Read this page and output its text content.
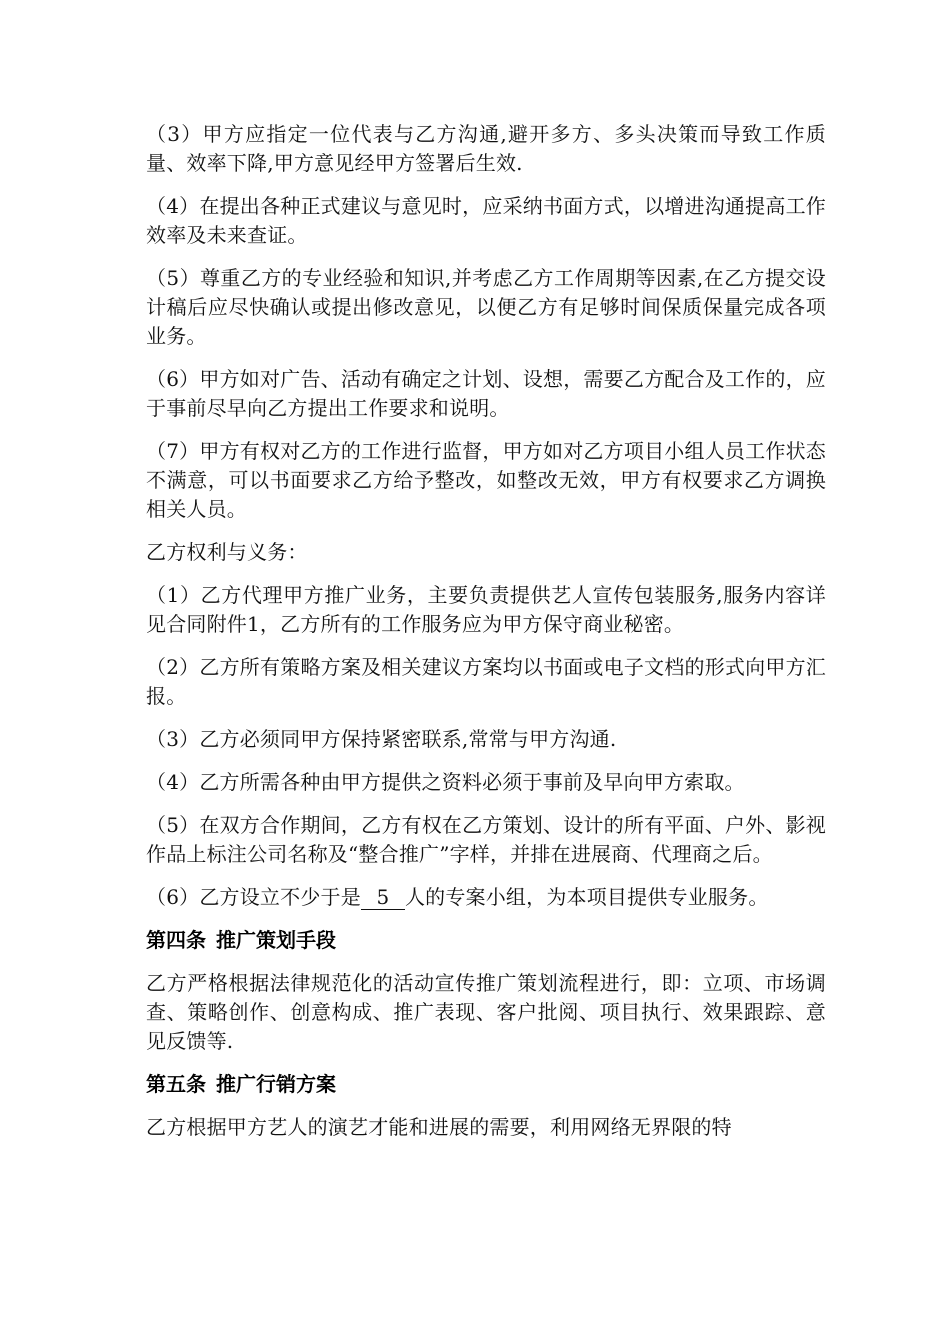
（3）甲方应指定一位代表与乙方沟通,避开多方、多头决策而导致工作质量、效率下降,甲方意见经甲方签署后生效.

（4）在提出各种正式建议与意见时，应采纳书面方式，以增进沟通提高工作效率及未来查证。

（5）尊重乙方的专业经验和知识,并考虑乙方工作周期等因素,在乙方提交设计稿后应尽快确认或提出修改意见，以便乙方有足够时间保质保量完成各项业务。

（6）甲方如对广告、活动有确定之计划、设想，需要乙方配合及工作的，应于事前尽早向乙方提出工作要求和说明。

（7）甲方有权对乙方的工作进行监督，甲方如对乙方项目小组人员工作状态不满意，可以书面要求乙方给予整改，如整改无效，甲方有权要求乙方调换相关人员。

乙方权利与义务：

（1）乙方代理甲方推广业务，主要负责提供艺人宣传包装服务,服务内容详见合同附件1，乙方所有的工作服务应为甲方保守商业秘密。

（2）乙方所有策略方案及相关建议方案均以书面或电子文档的形式向甲方汇报。

（3）乙方必须同甲方保持紧密联系,常常与甲方沟通.

（4）乙方所需各种由甲方提供之资料必须于事前及早向甲方索取。

（5）在双方合作期间，乙方有权在乙方策划、设计的所有平面、户外、影视作品上标注公司名称及“整合推广”字样，并排在进展商、代理商之后。

（6）乙方设立不少于是 5 人的专案小组，为本项目提供专业服务。

第四条 推广策划手段

乙方严格根据法律规范化的活动宣传推广策划流程进行，即：立项、市场调查、策略创作、创意构成、推广表现、客户批阅、项目执行、效果跟踪、意见反馈等.

第五条 推广行销方案

乙方根据甲方艺人的演艺才能和进展的需要，利用网络无界限的特
